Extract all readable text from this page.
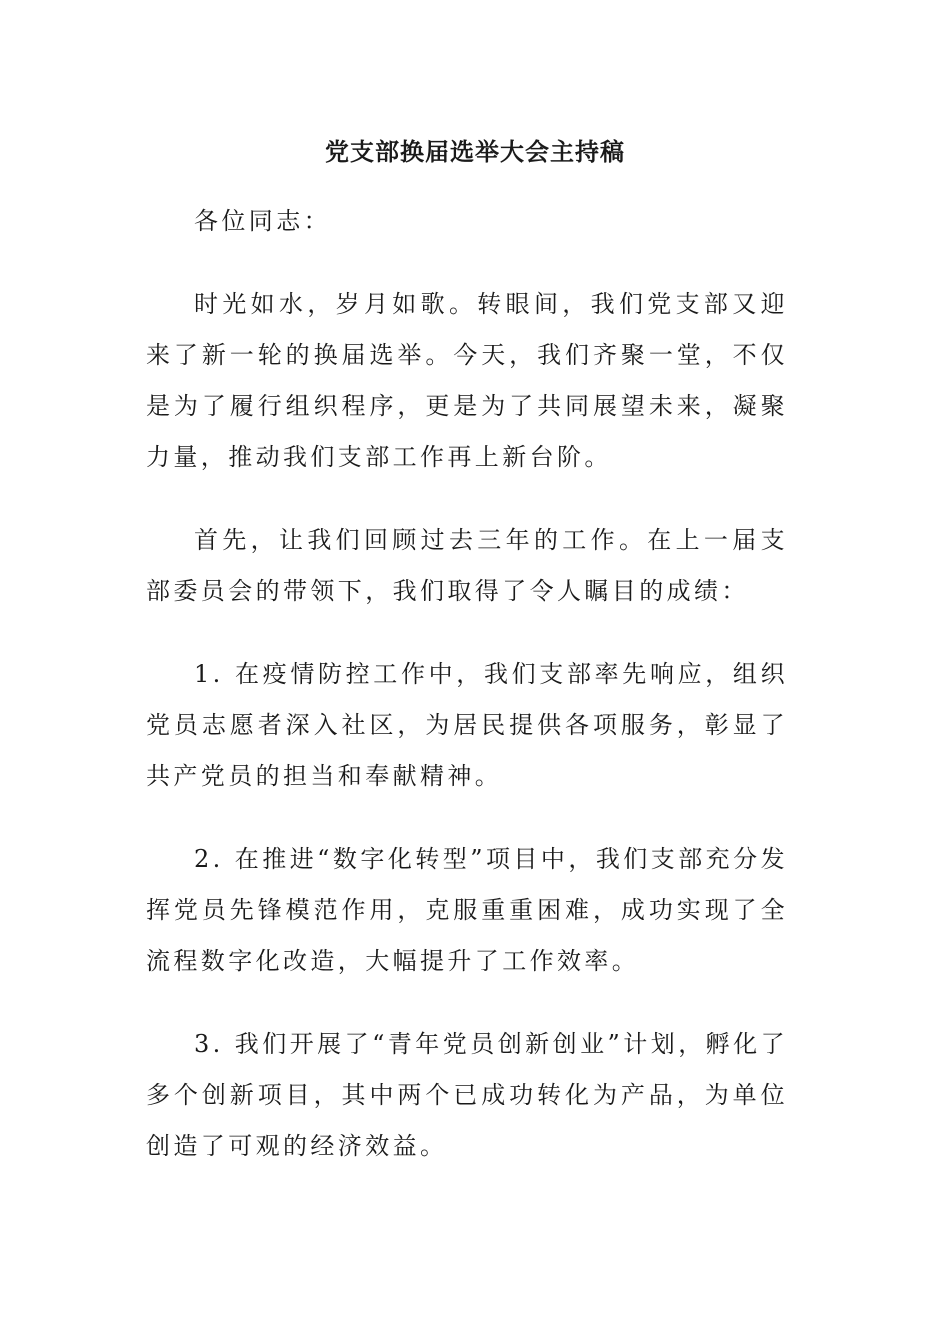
党支部换届选举大会主持稿

各位同志：

时光如水，岁月如歌。转眼间，我们党支部又迎来了新一轮的换届选举。今天，我们齐聚一堂，不仅是为了履行组织程序，更是为了共同展望未来，凝聚力量，推动我们支部工作再上新台阶。

首先，让我们回顾过去三年的工作。在上一届支部委员会的带领下，我们取得了令人瞩目的成绩：

1. 在疫情防控工作中，我们支部率先响应，组织党员志愿者深入社区，为居民提供各项服务，彰显了共产党员的担当和奉献精神。

2. 在推进“数字化转型”项目中，我们支部充分发挥党员先锋模范作用，克服重重困难，成功实现了全流程数字化改造，大幅提升了工作效率。

3. 我们开展了“青年党员创新创业”计划，孵化了多个创新项目，其中两个已成功转化为产品，为单位创造了可观的经济效益。
